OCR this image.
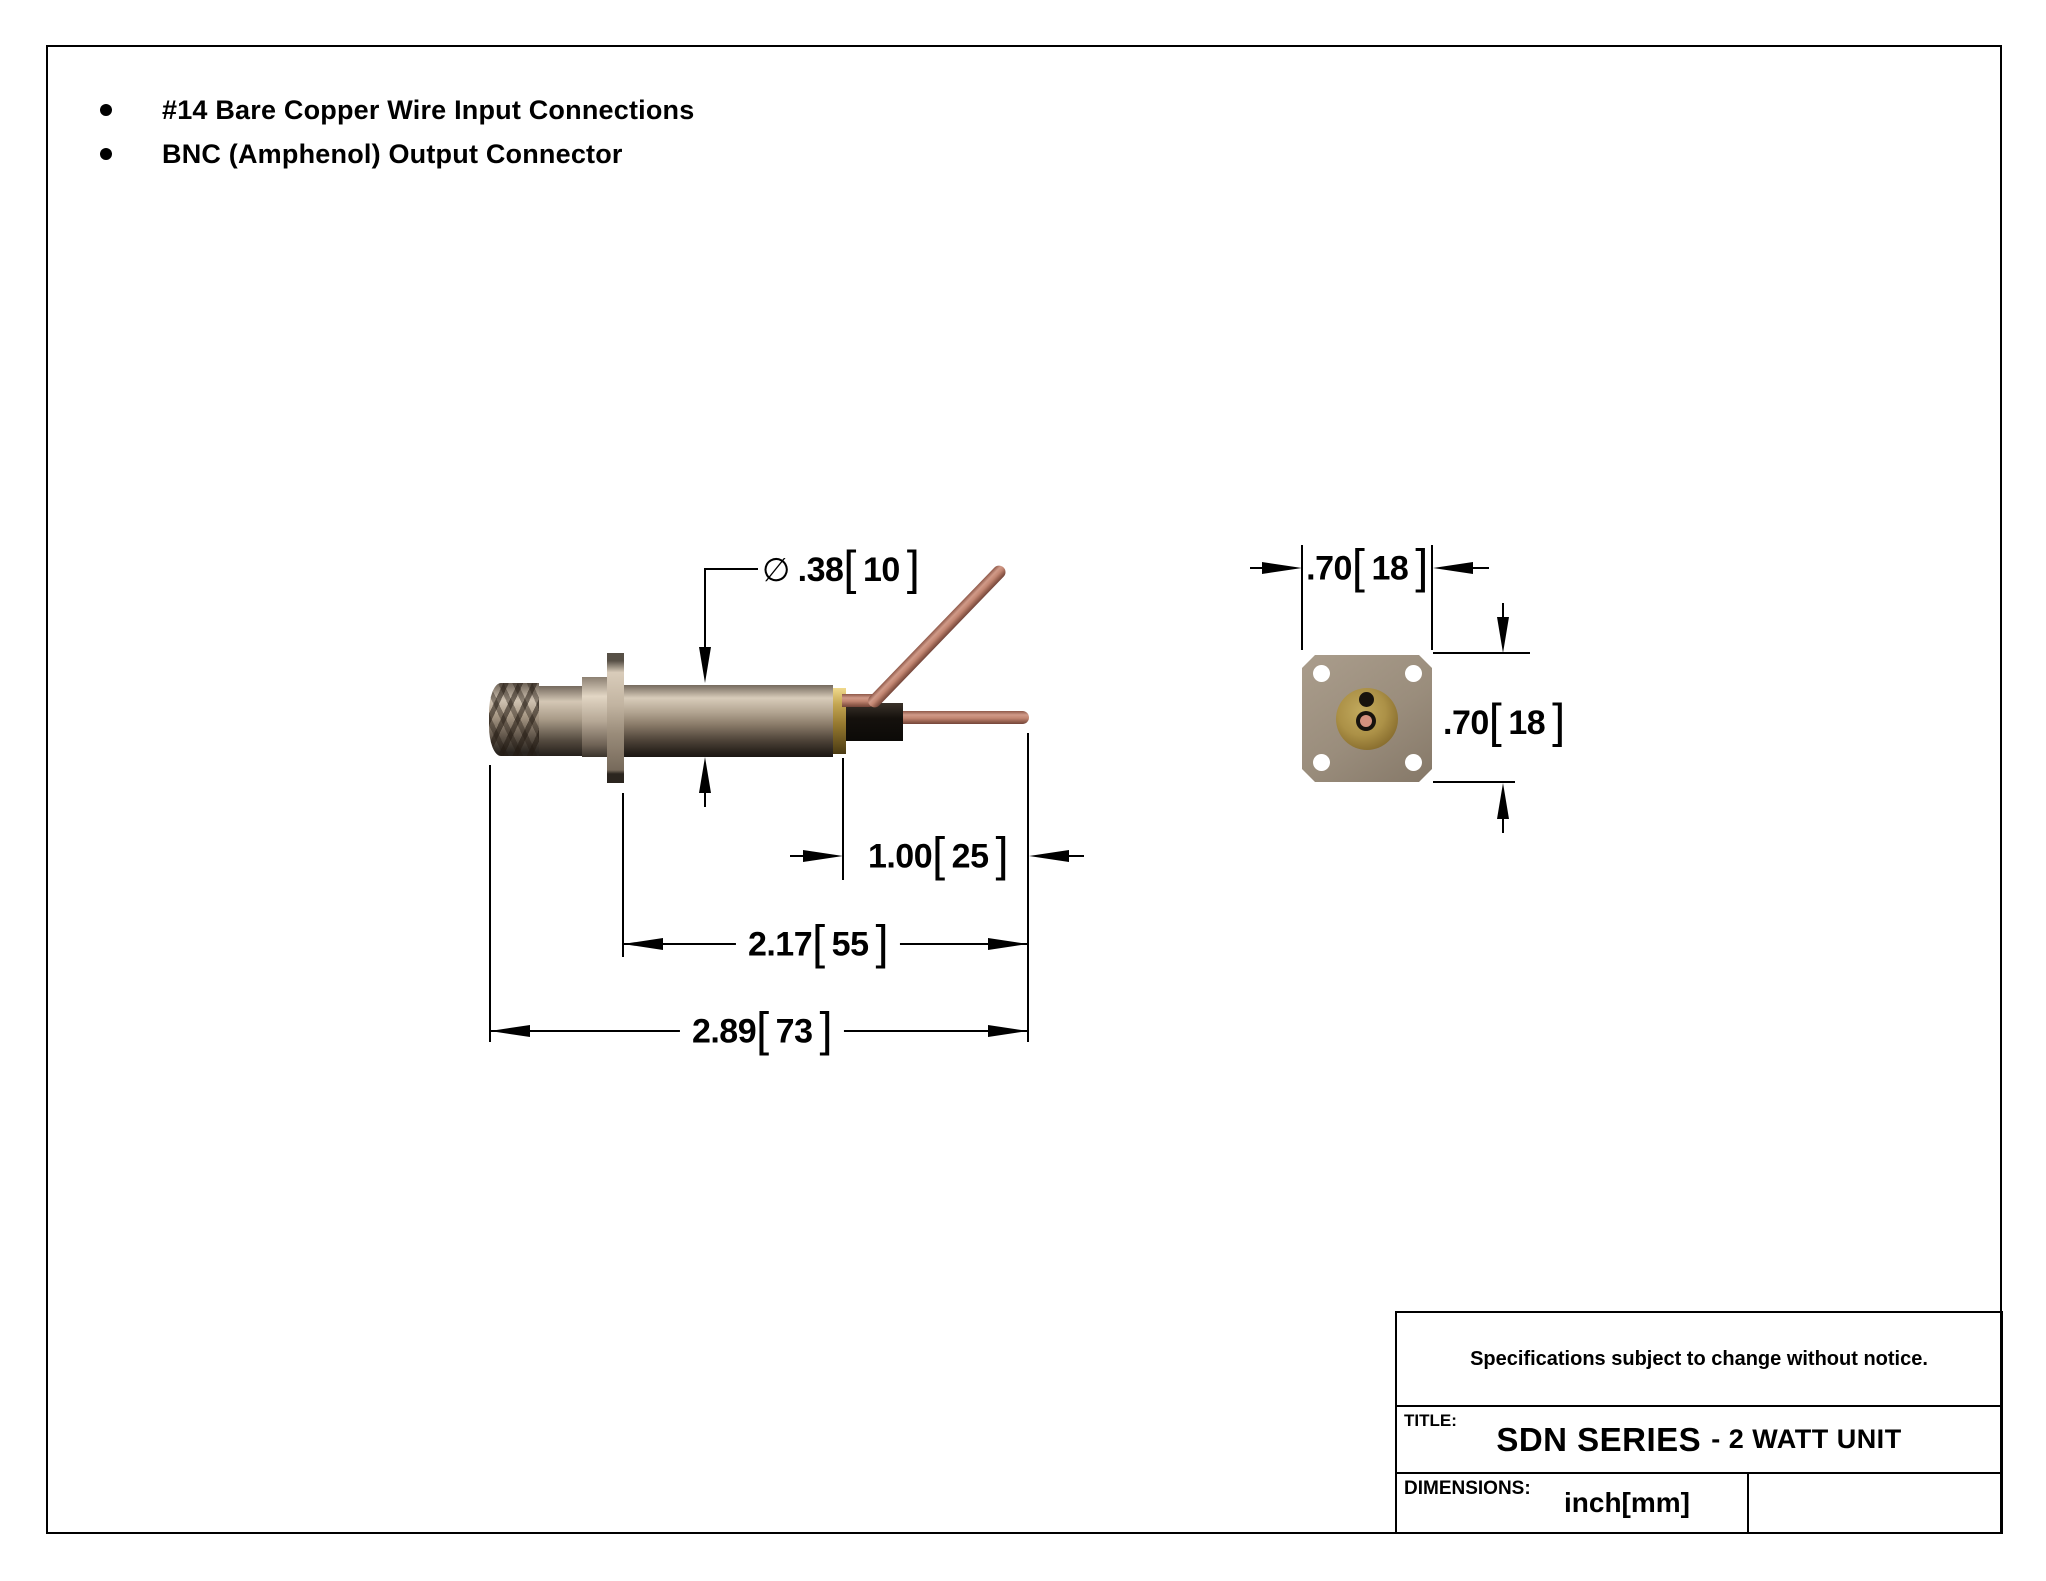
#14 Bare Copper Wire Input Connections
BNC (Amphenol) Output Connector
∅ .38 [ 10 ]
1.00 [ 25 ]
2.17 [ 55 ]
2.89 [ 73 ]
.70 [ 18 ]
.70 [ 18 ]
Specifications subject to change without notice.
TITLE: SDN SERIES - 2 WATT UNIT
DIMENSIONS:	inch[mm]
